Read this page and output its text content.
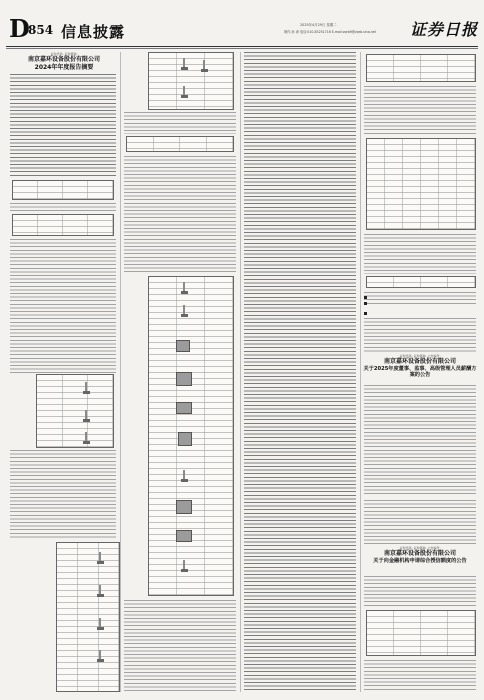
D
854 信息披露	2025年4月29日 星期二
制作:孙 涛 电话:010-83251716 E-mail:zqrb9@zqrb.sina.net 证券日报
证券代码: 证券简称:
南京嘉环设备股份有限公司
2024年年度报告摘要
证券代码: 证券简称: 公告编号:
南京嘉环设备股份有限公司
关于2025年度董事、监事、高级管理人员薪酬方案的公告
证券代码: 证券简称: 公告编号:
南京嘉环设备股份有限公司
关于向金融机构申请综合授信额度的公告
